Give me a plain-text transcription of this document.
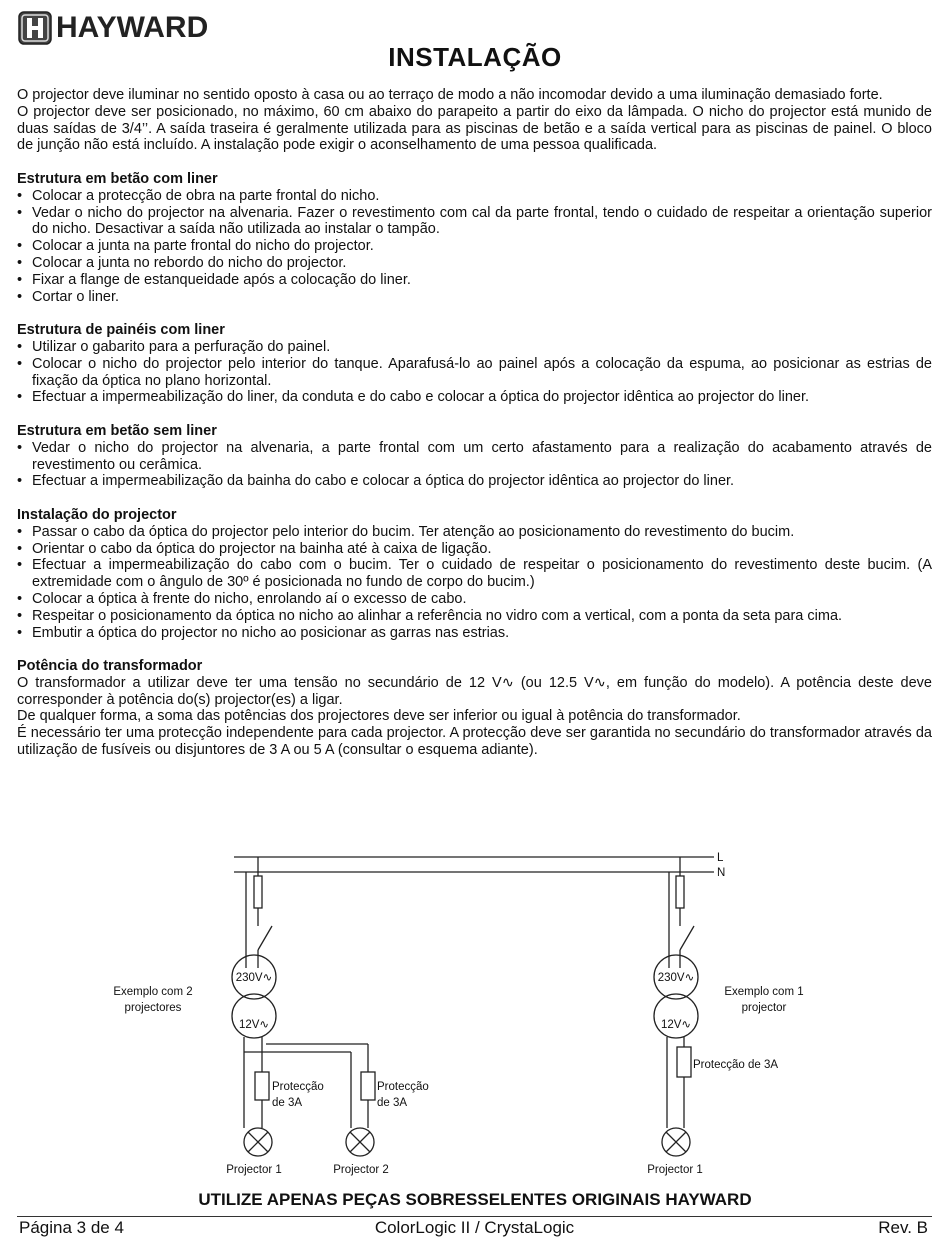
HAYWARD
INSTALAÇÃO

O projector deve iluminar no sentido oposto à casa ou ao terraço de modo a não incomodar devido a uma iluminação demasiado forte.

O projector deve ser posicionado, no máximo, 60 cm abaixo do parapeito a partir do eixo da lâmpada. O nicho do projector está munido de duas saídas de 3/4’’. A saída traseira é geralmente utilizada para as piscinas de betão e a saída vertical para as piscinas de painel. O bloco de junção não está incluído. A instalação pode exigir o aconselhamento de uma pessoa qualificada.

Estrutura em betão com liner

• Colocar a protecção de obra na parte frontal do nicho.
• Vedar o nicho do projector na alvenaria. Fazer o revestimento com cal da parte frontal, tendo o cuidado de respeitar a orientação superior do nicho. Desactivar a saída não utilizada ao instalar o tampão.
• Colocar a junta na parte frontal do nicho do projector.
• Colocar a junta no rebordo do nicho do projector.
• Fixar a flange de estanqueidade após a colocação do liner.
• Cortar o liner.

Estrutura de painéis com liner

• Utilizar o gabarito para a perfuração do painel.
• Colocar o nicho do projector pelo interior do tanque. Aparafusá-lo ao painel após a colocação da espuma, ao posicionar as estrias de fixação da óptica no plano horizontal.
• Efectuar a impermeabilização do liner, da conduta e do cabo e colocar a óptica do projector idêntica ao projector do liner.

Estrutura em betão sem liner

• Vedar o nicho do projector na alvenaria, a parte frontal com um certo afastamento para a realização do acabamento através de revestimento ou cerâmica.
• Efectuar a impermeabilização da bainha do cabo e colocar a óptica do projector idêntica ao projector do liner.

Instalação do projector

• Passar o cabo da óptica do projector pelo interior do bucim. Ter atenção ao posicionamento do revestimento do bucim.
• Orientar o cabo da óptica do projector na bainha até à caixa de ligação.
• Efectuar a impermeabilização do cabo com o bucim. Ter o cuidado de respeitar o posicionamento do revestimento deste bucim. (A extremidade com o ângulo de 30º é posicionada no fundo de corpo do bucim.)
• Colocar a óptica à frente do nicho, enrolando aí o excesso de cabo.
• Respeitar o posicionamento da óptica no nicho ao alinhar a referência no vidro com a vertical, com a ponta da seta para cima.
• Embutir a óptica do projector no nicho ao posicionar as garras nas estrias.

Potência do transformador

O transformador a utilizar deve ter uma tensão no secundário de 12 V∿ (ou 12.5 V∿, em função do modelo). A potência deste deve corresponder à potência do(s) projector(es) a ligar.

De qualquer forma, a soma das potências dos projectores deve ser inferior ou igual à potência do transformador.

É necessário ter uma protecção independente para cada projector. A protecção deve ser garantida no secundário do transformador através da utilização de fusíveis ou disjuntores de 3 A ou 5 A (consultar o esquema adiante).

L
N
Exemplo com 2
projectores
Exemplo com 1
projector
230V∿
12V∿
230V∿
12V∿
Protecção
de 3A
Protecção
de 3A
Protecção de 3A
Projector 1	Projector 2	Projector 1
UTILIZE APENAS PEÇAS SOBRESSELENTES ORIGINAIS HAYWARD
Página 3 de 4	ColorLogic II / CrystaLogic	Rev. B
